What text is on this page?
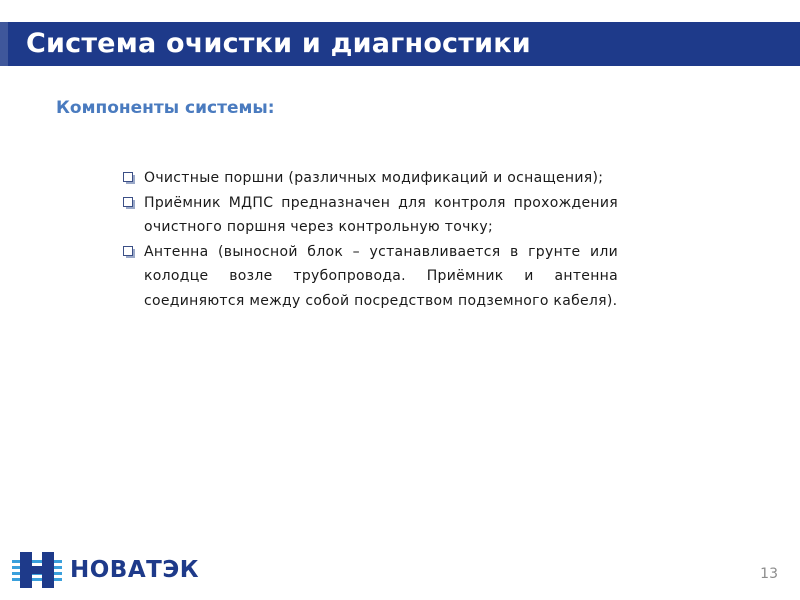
Система очистки и диагностики
Компоненты системы:
Очистные поршни (различных модификаций и оснащения);
Приёмник МДПС предназначен для контроля прохождения очистного поршня через контрольную точку;
Антенна (выносной блок – устанавливается в грунте или колодце возле трубопровода. Приёмник и антенна соединяются между собой посредством подземного кабеля).
НОВАТЭК	13
